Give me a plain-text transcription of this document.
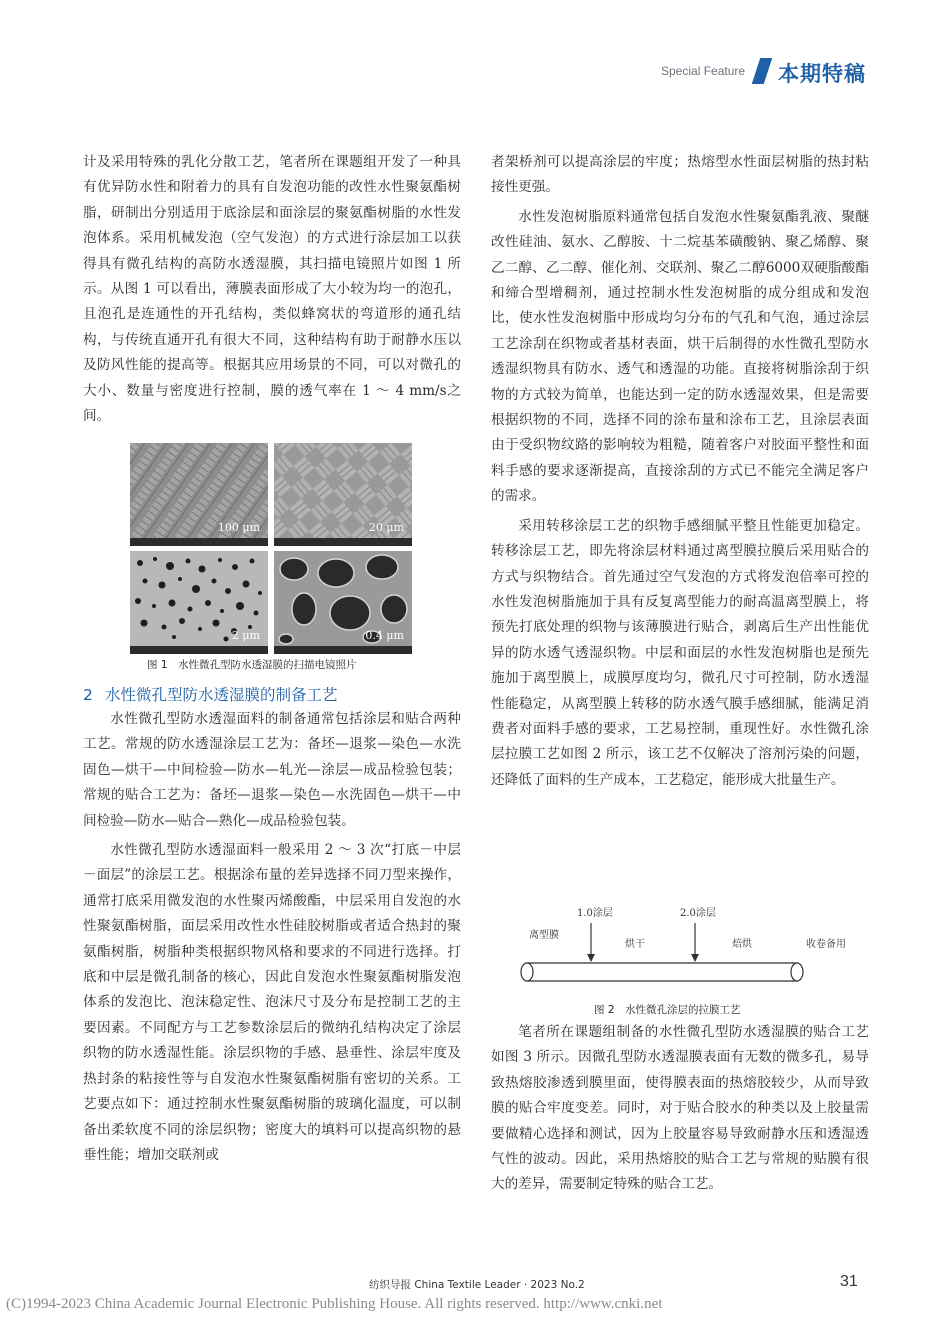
Special Feature 本期特稿

计及采用特殊的乳化分散工艺，笔者所在课题组开发了一种具有优异防水性和附着力的具有自发泡功能的改性水性聚氨酯树脂，研制出分别适用于底涂层和面涂层的聚氨酯树脂的水性发泡体系。采用机械发泡（空气发泡）的方式进行涂层加工以获得具有微孔结构的高防水透湿膜，其扫描电镜照片如图 1 所示。从图 1 可以看出，薄膜表面形成了大小较为均一的泡孔，且泡孔是连通性的开孔结构，类似蜂窝状的弯道形的通孔结构，与传统直通开孔有很大不同，这种结构有助于耐静水压以及防风性能的提高等。根据其应用场景的不同，可以对微孔的大小、数量与密度进行控制，膜的透气率在 1 ～ 4 mm/s之间。

100 μm	20 μm
2 μm	0.4 μm
图 1　水性微孔型防水透湿膜的扫描电镜照片
2 水性微孔型防水透湿膜的制备工艺

水性微孔型防水透湿面料的制备通常包括涂层和贴合两种工艺。常规的防水透湿涂层工艺为：备坯—退浆—染色—水洗固色—烘干—中间检验—防水—轧光—涂层—成品检验包装；常规的贴合工艺为：备坯—退浆—染色—水洗固色—烘干—中间检验—防水—贴合—熟化—成品检验包装。

水性微孔型防水透湿面料一般采用 2 ～ 3 次“打底－中层－面层”的涂层工艺。根据涂布量的差异选择不同刀型来操作，通常打底采用微发泡的水性聚丙烯酸酯，中层采用自发泡的水性聚氨酯树脂，面层采用改性水性硅胶树脂或者适合热封的聚氨酯树脂，树脂种类根据织物风格和要求的不同进行选择。打底和中层是微孔制备的核心，因此自发泡水性聚氨酯树脂发泡体系的发泡比、泡沫稳定性、泡沫尺寸及分布是控制工艺的主要因素。不同配方与工艺参数涂层后的微纳孔结构决定了涂层织物的防水透湿性能。涂层织物的手感、悬垂性、涂层牢度及热封条的粘接性等与自发泡水性聚氨酯树脂有密切的关系。工艺要点如下：通过控制水性聚氨酯树脂的玻璃化温度，可以制备出柔软度不同的涂层织物；密度大的填料可以提高织物的悬垂性能；增加交联剂或

者架桥剂可以提高涂层的牢度；热熔型水性面层树脂的热封粘接性更强。

水性发泡树脂原料通常包括自发泡水性聚氨酯乳液、聚醚改性硅油、氨水、乙醇胺、十二烷基苯磺酸钠、聚乙烯醇、聚乙二醇、乙二醇、催化剂、交联剂、聚乙二醇6000双硬脂酸酯和缔合型增稠剂，通过控制水性发泡树脂的成分组成和发泡比，使水性发泡树脂中形成均匀分布的气孔和气泡，通过涂层工艺涂刮在织物或者基材表面，烘干后制得的水性微孔型防水透湿织物具有防水、透气和透湿的功能。直接将树脂涂刮于织物的方式较为简单，也能达到一定的防水透湿效果，但是需要根据织物的不同，选择不同的涂布量和涂布工艺，且涂层表面由于受织物纹路的影响较为粗糙，随着客户对胶面平整性和面料手感的要求逐渐提高，直接涂刮的方式已不能完全满足客户的需求。

采用转移涂层工艺的织物手感细腻平整且性能更加稳定。转移涂层工艺，即先将涂层材料通过离型膜拉膜后采用贴合的方式与织物结合。首先通过空气发泡的方式将发泡倍率可控的水性发泡树脂施加于具有反复离型能力的耐高温离型膜上，将预先打底处理的织物与该薄膜进行贴合，剥离后生产出性能优异的防水透气透湿织物。中层和面层的水性发泡树脂也是预先施加于离型膜上，成膜厚度均匀，微孔尺寸可控制，防水透湿性能稳定，从离型膜上转移的防水透气膜手感细腻，能满足消费者对面料手感的要求，工艺易控制，重现性好。水性微孔涂层拉膜工艺如图 2 所示，该工艺不仅解决了溶剂污染的问题，还降低了面料的生产成本，工艺稳定，能形成大批量生产。

1.0涂层	2.0涂层
离型膜
烘干	焙烘	收卷备用
图 2　水性微孔涂层的拉膜工艺

笔者所在课题组制备的水性微孔型防水透湿膜的贴合工艺如图 3 所示。因微孔型防水透湿膜表面有无数的微多孔，易导致热熔胶渗透到膜里面，使得膜表面的热熔胶较少，从而导致膜的贴合牢度变差。同时，对于贴合胶水的种类以及上胶量需要做精心选择和测试，因为上胶量容易导致耐静水压和透湿透气性的波动。因此，采用热熔胶的贴合工艺与常规的贴膜有很大的差异，需要制定特殊的贴合工艺。

纺织导报 China Textile Leader · 2023 No.2	31
(C)1994-2023 China Academic Journal Electronic Publishing House. All rights reserved. http://www.cnki.net
